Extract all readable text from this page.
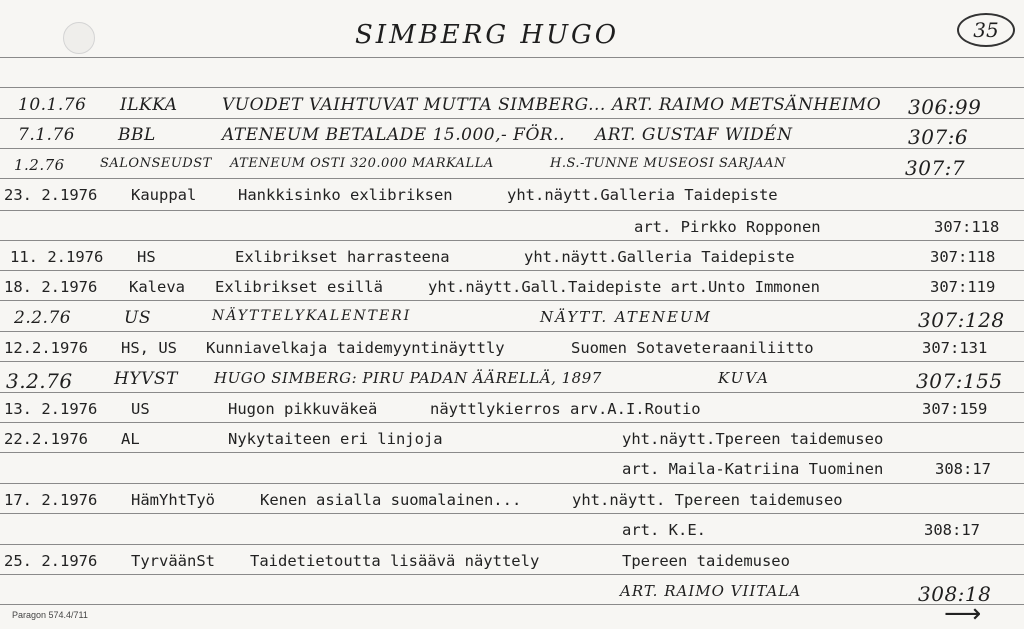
SIMBERG HUGO	35
10.1.76 ILKKA	VUODET VAIHTUVAT MUTTA SIMBERG... ART. RAIMO METSÄNHEIMO 306:99
7.1.76	BBL	ATENEUM BETALADE 15.000,- FÖR.. ART. GUSTAF WIDÉN	307:6
1.2.76	SALONSEUDST ATENEUM OSTI 320.000 MARKALLA	H.S.-TUNNE MUSEOSI SARJAAN	307:7
23. 2.1976 Kauppal	Hankkisinko exlibriksen	yht.näytt.Galleria Taidepiste
art. Pirkko Ropponen	307:118
11. 2.1976 HS	Exlibrikset harrasteena	yht.näytt.Galleria Taidepiste	307:118
18. 2.1976 Kaleva Exlibrikset esillä	yht.näytt.Gall.Taidepiste art.Unto Immonen	307:119
2.2.76	US	NÄYTTELYKALENTERI	NÄYTT. ATENEUM	307:128
12.2.1976 HS, US Kunniavelkaja taidemyyntinäyttly	Suomen Sotaveteraaniliitto	307:131
3.2.76 HYVST HUGO SIMBERG: PIRU PADAN ÄÄRELLÄ, 1897	KUVA	307:155
13. 2.1976 US	Hugon pikkuväkeä	näyttlykierros arv.A.I.Routio	307:159
22.2.1976 AL	Nykytaiteen eri linjoja	yht.näytt.Tpereen taidemuseo
art. Maila-Katriina Tuominen	308:17
17. 2.1976 HämYhtTyö	Kenen asialla suomalainen...	yht.näytt. Tpereen taidemuseo
art. K.E.	308:17
25. 2.1976 TyrväänSt Taidetietoutta lisäävä näyttely	Tpereen taidemuseo
ART. RAIMO VIITALA	308:18
Paragon 574.4/711	⟶
